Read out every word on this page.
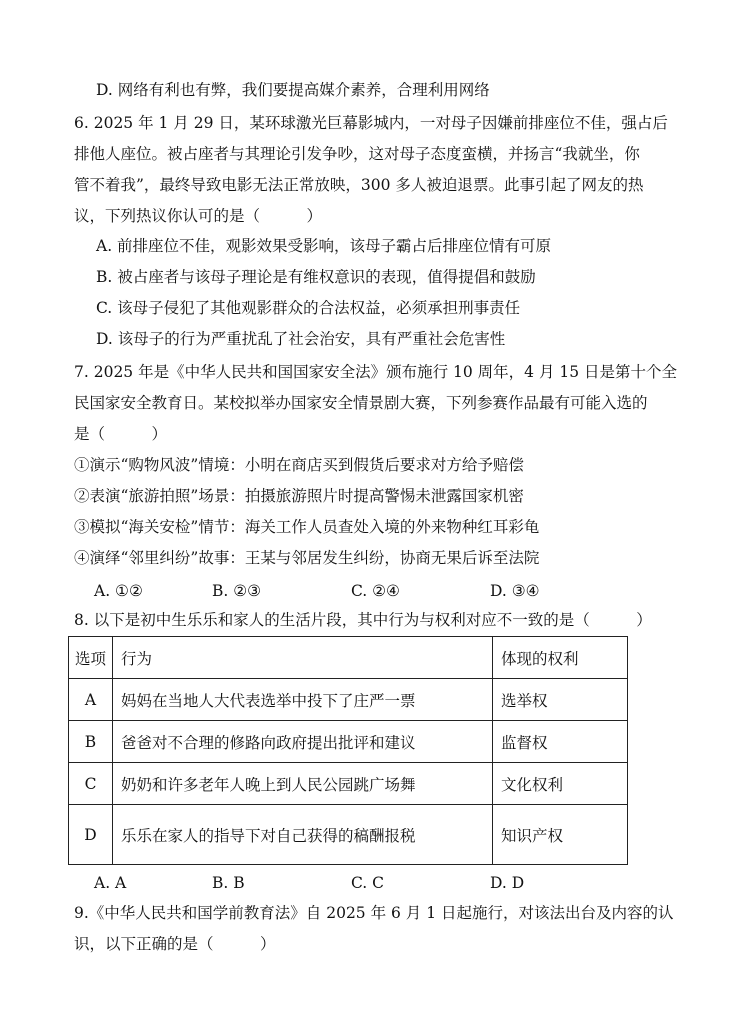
D. 网络有利也有弊，我们要提高媒介素养，合理利用网络
6. 2025 年 1 月 29 日，某环球激光巨幕影城内，一对母子因嫌前排座位不佳，强占后
排他人座位。被占座者与其理论引发争吵，这对母子态度蛮横，并扬言“我就坐，你
管不着我”，最终导致电影无法正常放映，300 多人被迫退票。此事引起了网友的热
议，下列热议你认可的是（　　　）
A. 前排座位不佳，观影效果受影响，该母子霸占后排座位情有可原
B. 被占座者与该母子理论是有维权意识的表现，值得提倡和鼓励
C. 该母子侵犯了其他观影群众的合法权益，必须承担刑事责任
D. 该母子的行为严重扰乱了社会治安，具有严重社会危害性
7. 2025 年是《中华人民共和国国家安全法》颁布施行 10 周年，4 月 15 日是第十个全
民国家安全教育日。某校拟举办国家安全情景剧大赛，下列参赛作品最有可能入选的
是（　　　）
①演示“购物风波”情境：小明在商店买到假货后要求对方给予赔偿
②表演“旅游拍照”场景：拍摄旅游照片时提高警惕未泄露国家机密
③模拟“海关安检”情节：海关工作人员查处入境的外来物种红耳彩龟
④演绎“邻里纠纷”故事：王某与邻居发生纠纷，协商无果后诉至法院
A. ①②	B. ②③	C. ②④	D. ③④
8. 以下是初中生乐乐和家人的生活片段，其中行为与权利对应不一致的是（　　　）
选项	行为	体现的权利
A	妈妈在当地人大代表选举中投下了庄严一票	选举权
B	爸爸对不合理的修路向政府提出批评和建议	监督权
C	奶奶和许多老年人晚上到人民公园跳广场舞	文化权利
D	乐乐在家人的指导下对自己获得的稿酬报税	知识产权
A. A	B. B	C. C	D. D
9.《中华人民共和国学前教育法》自 2025 年 6 月 1 日起施行，对该法出台及内容的认
识，以下正确的是（　　　）
